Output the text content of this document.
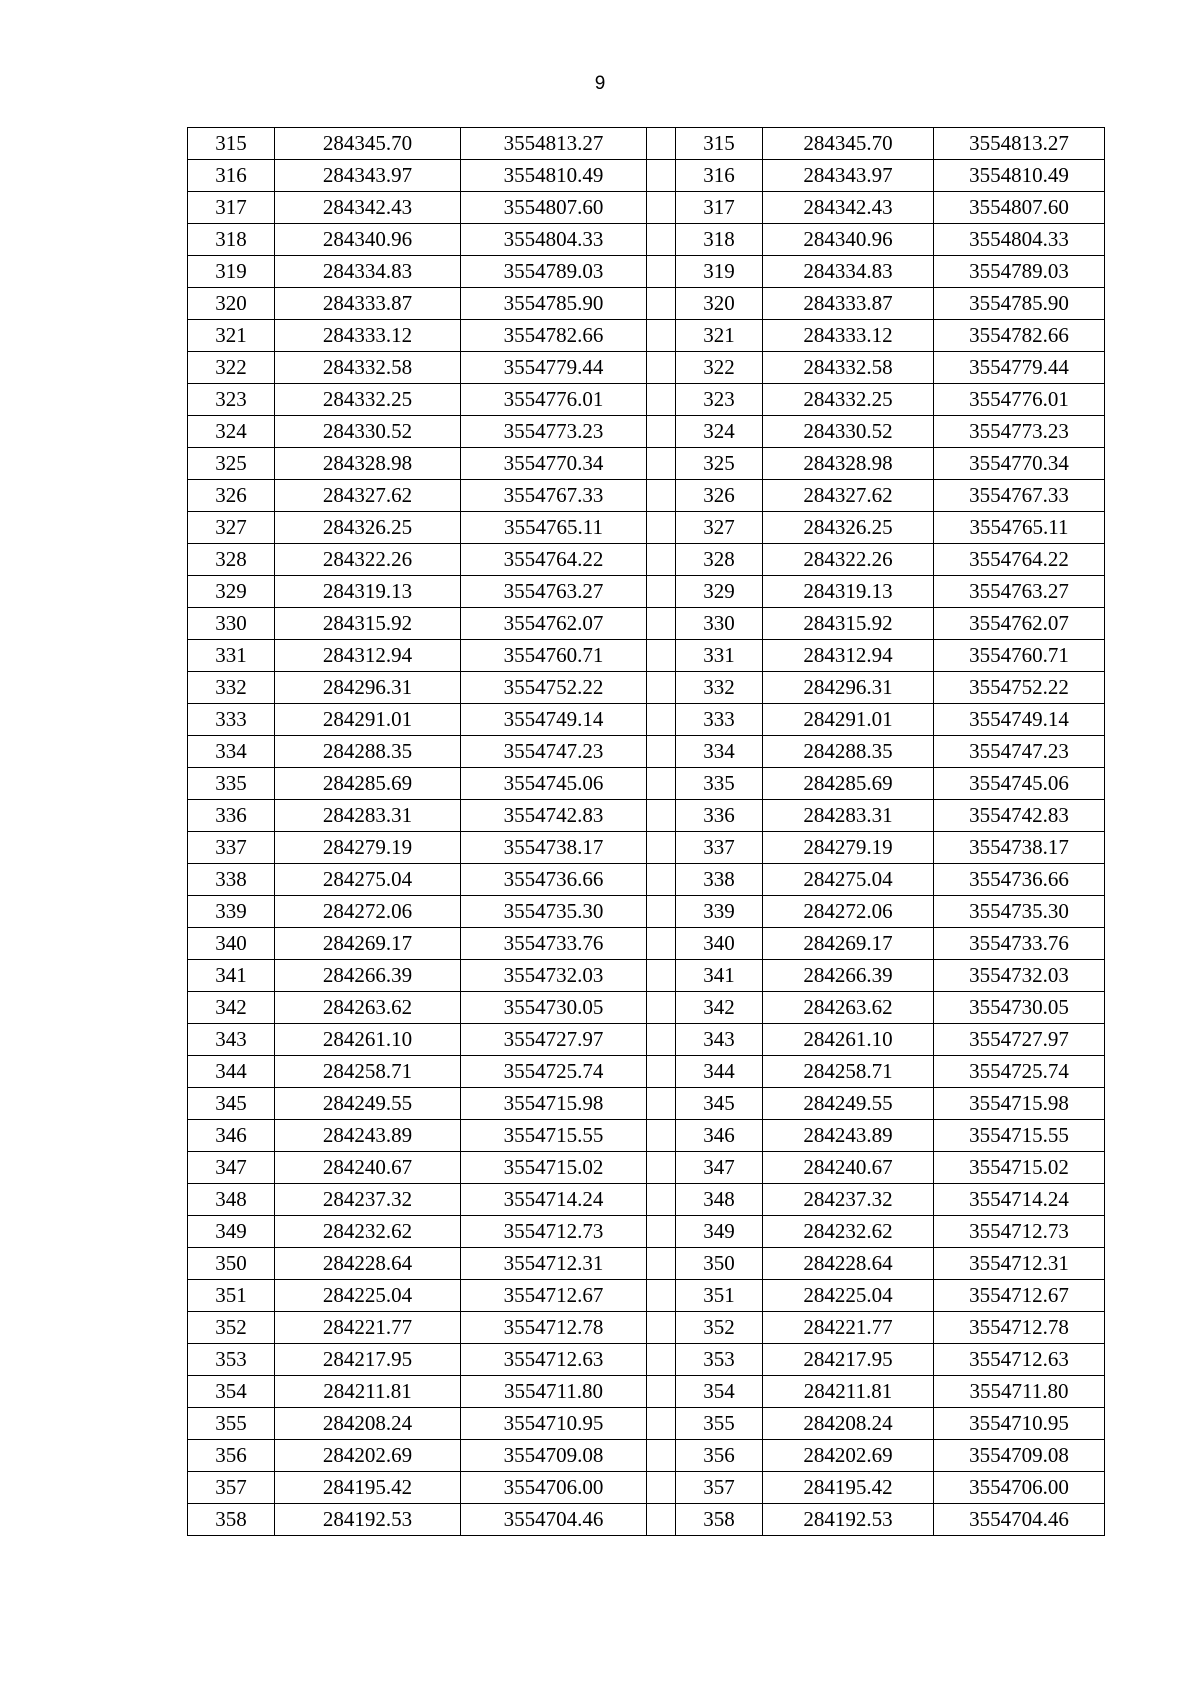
9
315	284345.70	3554813.27		315	284345.70	3554813.27
316	284343.97	3554810.49		316	284343.97	3554810.49
317	284342.43	3554807.60		317	284342.43	3554807.60
318	284340.96	3554804.33		318	284340.96	3554804.33
319	284334.83	3554789.03		319	284334.83	3554789.03
320	284333.87	3554785.90		320	284333.87	3554785.90
321	284333.12	3554782.66		321	284333.12	3554782.66
322	284332.58	3554779.44		322	284332.58	3554779.44
323	284332.25	3554776.01		323	284332.25	3554776.01
324	284330.52	3554773.23		324	284330.52	3554773.23
325	284328.98	3554770.34		325	284328.98	3554770.34
326	284327.62	3554767.33		326	284327.62	3554767.33
327	284326.25	3554765.11		327	284326.25	3554765.11
328	284322.26	3554764.22		328	284322.26	3554764.22
329	284319.13	3554763.27		329	284319.13	3554763.27
330	284315.92	3554762.07		330	284315.92	3554762.07
331	284312.94	3554760.71		331	284312.94	3554760.71
332	284296.31	3554752.22		332	284296.31	3554752.22
333	284291.01	3554749.14		333	284291.01	3554749.14
334	284288.35	3554747.23		334	284288.35	3554747.23
335	284285.69	3554745.06		335	284285.69	3554745.06
336	284283.31	3554742.83		336	284283.31	3554742.83
337	284279.19	3554738.17		337	284279.19	3554738.17
338	284275.04	3554736.66		338	284275.04	3554736.66
339	284272.06	3554735.30		339	284272.06	3554735.30
340	284269.17	3554733.76		340	284269.17	3554733.76
341	284266.39	3554732.03		341	284266.39	3554732.03
342	284263.62	3554730.05		342	284263.62	3554730.05
343	284261.10	3554727.97		343	284261.10	3554727.97
344	284258.71	3554725.74		344	284258.71	3554725.74
345	284249.55	3554715.98		345	284249.55	3554715.98
346	284243.89	3554715.55		346	284243.89	3554715.55
347	284240.67	3554715.02		347	284240.67	3554715.02
348	284237.32	3554714.24		348	284237.32	3554714.24
349	284232.62	3554712.73		349	284232.62	3554712.73
350	284228.64	3554712.31		350	284228.64	3554712.31
351	284225.04	3554712.67		351	284225.04	3554712.67
352	284221.77	3554712.78		352	284221.77	3554712.78
353	284217.95	3554712.63		353	284217.95	3554712.63
354	284211.81	3554711.80		354	284211.81	3554711.80
355	284208.24	3554710.95		355	284208.24	3554710.95
356	284202.69	3554709.08		356	284202.69	3554709.08
357	284195.42	3554706.00		357	284195.42	3554706.00
358	284192.53	3554704.46		358	284192.53	3554704.46
